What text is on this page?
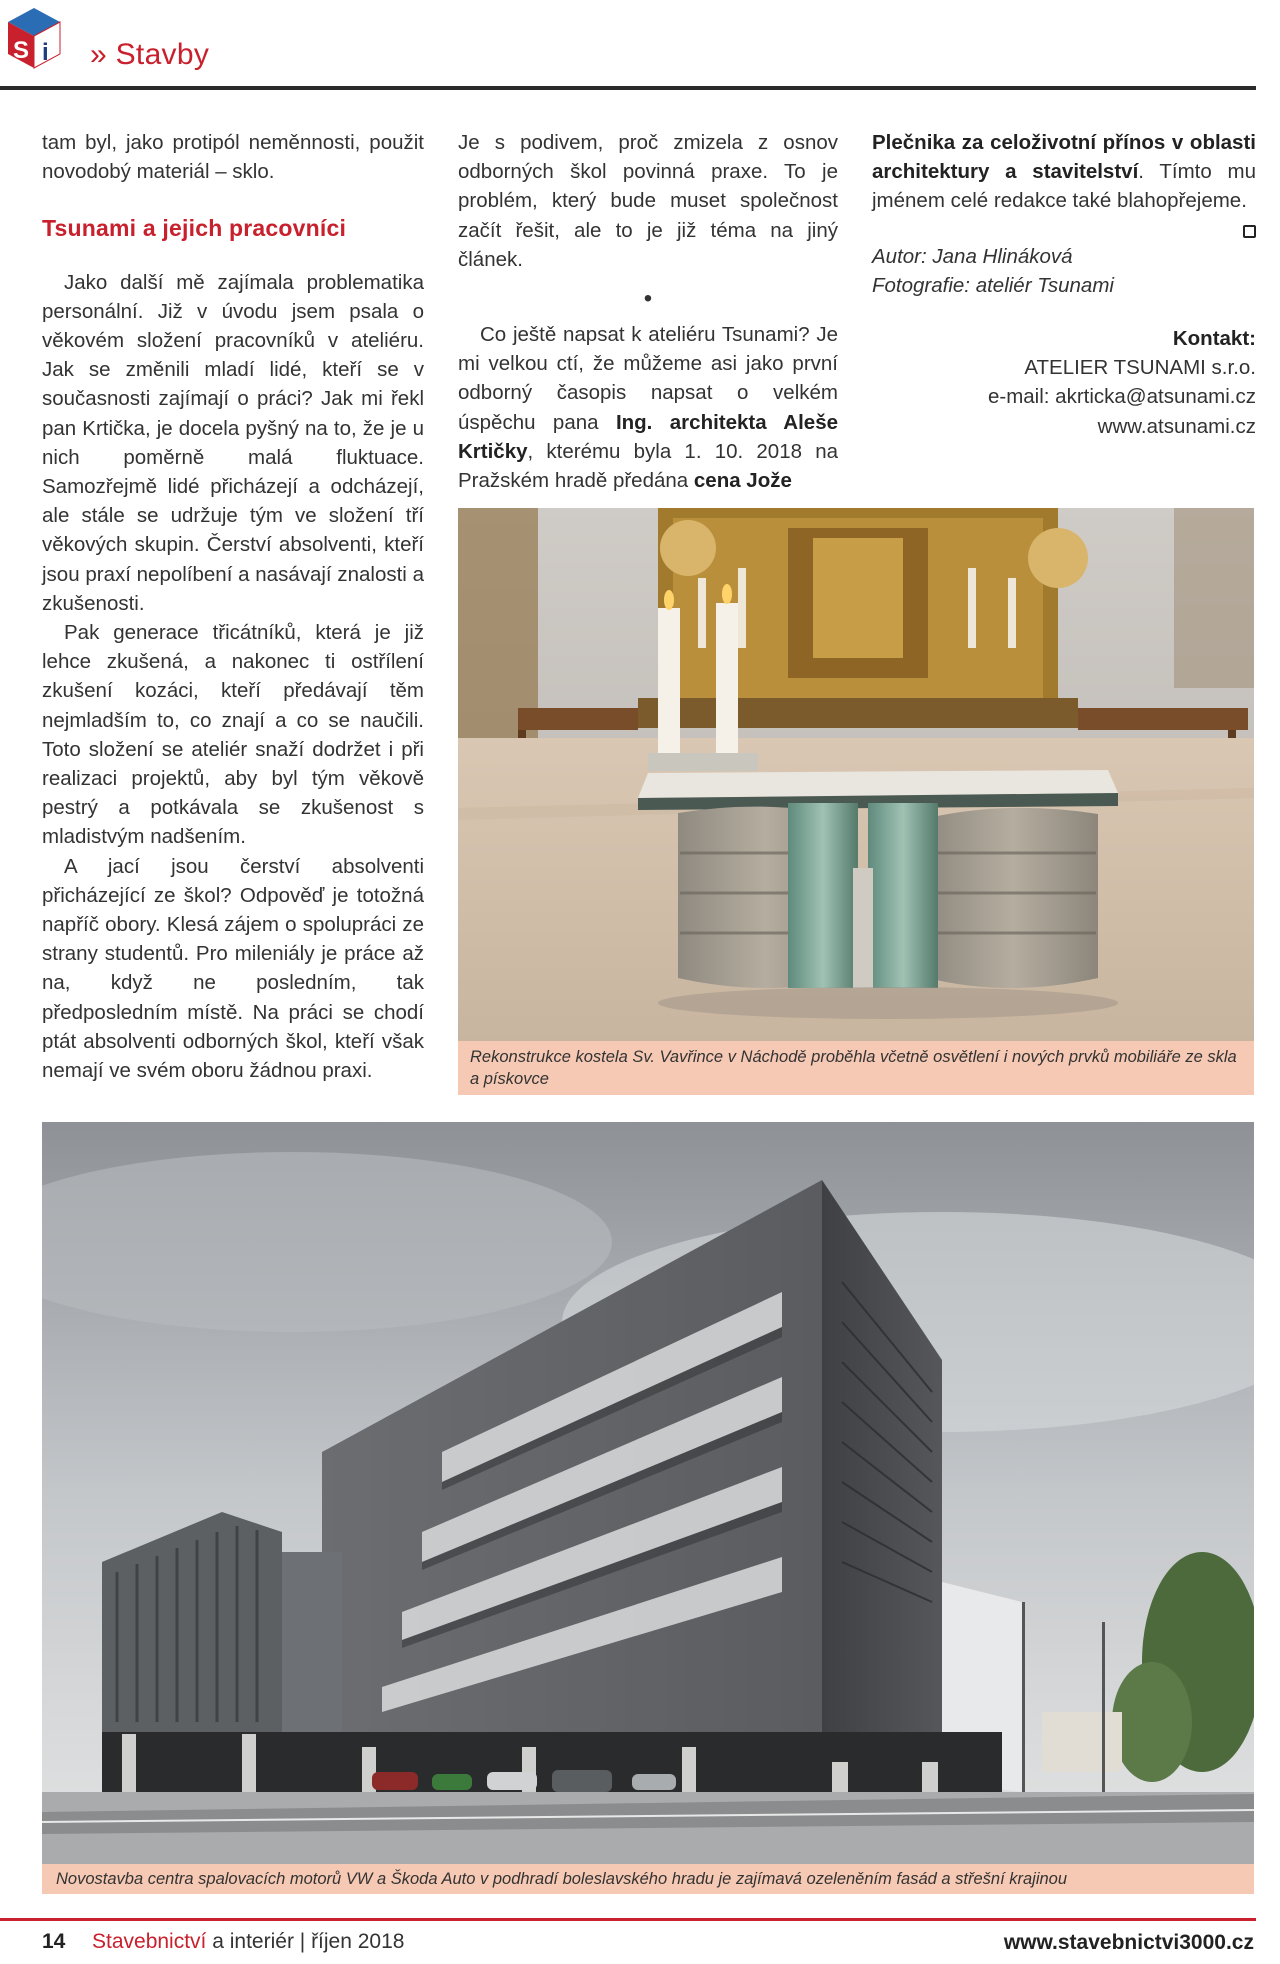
S i » Stavby

tam byl, jako protipól neměnnosti, použit novodobý materiál – sklo.

Tsunami a jejich pracovníci

Jako další mě zajímala problematika personální. Již v úvodu jsem psala o věkovém složení pracovníků v ateliéru. Jak se změnili mladí lidé, kteří se v současnosti zajímají o práci? Jak mi řekl pan Krtička, je docela pyšný na to, že je u nich poměrně malá fluktuace. Samozřejmě lidé přicházejí a odcházejí, ale stále se udržuje tým ve složení tří věkových skupin. Čerství absolventi, kteří jsou praxí nepolíbení a nasávají znalosti a zkušenosti.

Pak generace třicátníků, která je již lehce zkušená, a nakonec ti ostřílení zkušení kozáci, kteří předávají těm nejmladším to, co znají a co se naučili. Toto složení se ateliér snaží dodržet i při realizaci projektů, aby byl tým věkově pestrý a potkávala se zkušenost s mladistvým nadšením.

A jací jsou čerství absolventi přicházející ze škol? Odpověď je totožná napříč obory. Klesá zájem o spolupráci ze strany studentů. Pro mileniály je práce až na, když ne posledním, tak předposledním místě. Na práci se chodí ptát absolventi odborných škol, kteří však nemají ve svém oboru žádnou praxi.

Je s podivem, proč zmizela z osnov odborných škol povinná praxe. To je problém, který bude muset společnost začít řešit, ale to je již téma na jiný článek.

•

Co ještě napsat k ateliéru Tsunami? Je mi velkou ctí, že můžeme asi jako první odborný časopis napsat o velkém úspěchu pana Ing. architekta Aleše Krtičky, kterému byla 1. 10. 2018 na Pražském hradě předána cena Jože

Plečnika za celoživotní přínos v oblasti architektury a stavitelství. Tímto mu jménem celé redakce také blahopřejeme.

Autor: Jana Hlináková
Fotografie: ateliér Tsunami
Kontakt:
ATELIER TSUNAMI s.r.o.
e-mail: akrticka@atsunami.cz
www.atsunami.cz
Rekonstrukce kostela Sv. Vavřince v Náchodě proběhla včetně osvětlení i nových prvků mobiliáře ze skla a pískovce
Novostavba centra spalovacích motorů VW a Škoda Auto v podhradí boleslavského hradu je zajímavá ozeleněním fasád a střešní krajinou
14 Stavebnictví a interiér | říjen 2018	www.stavebnictvi3000.cz
